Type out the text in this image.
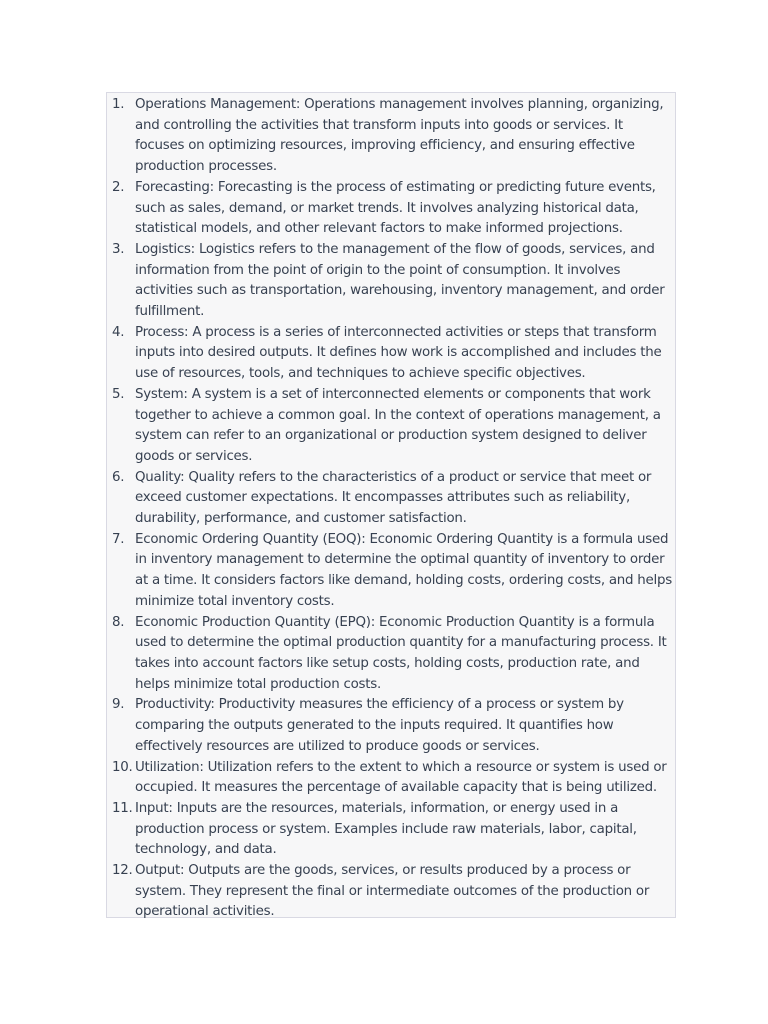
1. Operations Management: Operations management involves planning, organizing, and controlling the activities that transform inputs into goods or services. It focuses on optimizing resources, improving efficiency, and ensuring effective production processes.
2. Forecasting: Forecasting is the process of estimating or predicting future events, such as sales, demand, or market trends. It involves analyzing historical data, statistical models, and other relevant factors to make informed projections.
3. Logistics: Logistics refers to the management of the flow of goods, services, and information from the point of origin to the point of consumption. It involves activities such as transportation, warehousing, inventory management, and order fulfillment.
4. Process: A process is a series of interconnected activities or steps that transform inputs into desired outputs. It defines how work is accomplished and includes the use of resources, tools, and techniques to achieve specific objectives.
5. System: A system is a set of interconnected elements or components that work together to achieve a common goal. In the context of operations management, a system can refer to an organizational or production system designed to deliver goods or services.
6. Quality: Quality refers to the characteristics of a product or service that meet or exceed customer expectations. It encompasses attributes such as reliability, durability, performance, and customer satisfaction.
7. Economic Ordering Quantity (EOQ): Economic Ordering Quantity is a formula used in inventory management to determine the optimal quantity of inventory to order at a time. It considers factors like demand, holding costs, ordering costs, and helps minimize total inventory costs.
8. Economic Production Quantity (EPQ): Economic Production Quantity is a formula used to determine the optimal production quantity for a manufacturing process. It takes into account factors like setup costs, holding costs, production rate, and helps minimize total production costs.
9. Productivity: Productivity measures the efficiency of a process or system by comparing the outputs generated to the inputs required. It quantifies how effectively resources are utilized to produce goods or services.
10. Utilization: Utilization refers to the extent to which a resource or system is used or occupied. It measures the percentage of available capacity that is being utilized.
11. Input: Inputs are the resources, materials, information, or energy used in a production process or system. Examples include raw materials, labor, capital, technology, and data.
12. Output: Outputs are the goods, services, or results produced by a process or system. They represent the final or intermediate outcomes of the production or operational activities.
